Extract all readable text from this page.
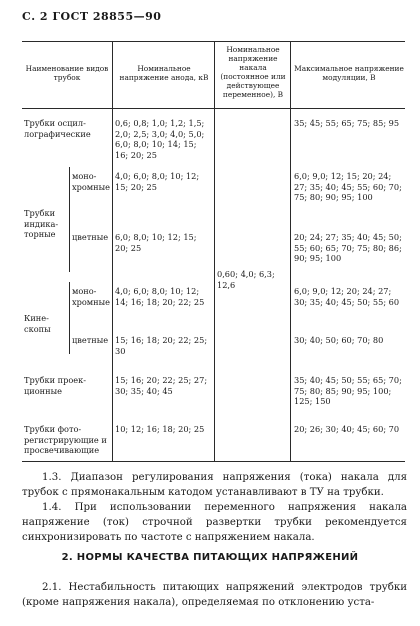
С. 2 ГОСТ 28855—90
Наименование видов трубок
Номинальное напряжение анода, кВ
Номинальное напряжение накала (постоянное или действующее переменное), В
Максимальное напряжение модуляции, В
Трубки осцил-лографические
0,6; 0,8; 1,0; 1,2; 1,5; 2,0; 2,5; 3,0; 4,0; 5,0; 6,0; 8,0; 10; 14; 15; 16; 20; 25
35; 45; 55; 65; 75; 85; 95
Трубки индика-торные
моно-хромные
4,0; 6,0; 8,0; 10; 12; 15; 20; 25
6,0; 9,0; 12; 15; 20; 24; 27; 35; 40; 45; 55; 60; 70; 75; 80; 90; 95; 100
цветные 6,0; 8,0; 10; 12; 15; 20; 25
20; 24; 27; 35; 40; 45; 50; 55; 60; 65; 70; 75; 80; 86; 90; 95; 100
0,60; 4,0; 6,3; 12,6
Кине-скопы
моно-хромные
4,0; 6,0; 8,0; 10; 12; 14; 16; 18; 20; 22; 25
6,0; 9,0; 12; 20; 24; 27; 30; 35; 40; 45; 50; 55; 60
цветные 15; 16; 18; 20; 22; 25; 30
30; 40; 50; 60; 70; 80
Трубки проек-ционные
15; 16; 20; 22; 25; 27; 30; 35; 40; 45
35; 40; 45; 50; 55; 65; 70; 75; 80; 85; 90; 95; 100; 125; 150
Трубки фото-регистрирующие и просвечивающие
10; 12; 16; 18; 20; 25	20; 26; 30; 40; 45; 60; 70
1.3. Диапазон регулирования напряжения (тока) накала для трубок с прямонакальным катодом устанавливают в ТУ на трубки.
1.4. При использовании переменного напряжения накала напряжение (ток) строчной развертки трубки рекомендуется синхронизировать по частоте с напряжением накала.
2. НОРМЫ КАЧЕСТВА ПИТАЮЩИХ НАПРЯЖЕНИЙ
2.1. Нестабильность питающих напряжений электродов трубки (кроме напряжения накала), определяемая по отклонению уста-
